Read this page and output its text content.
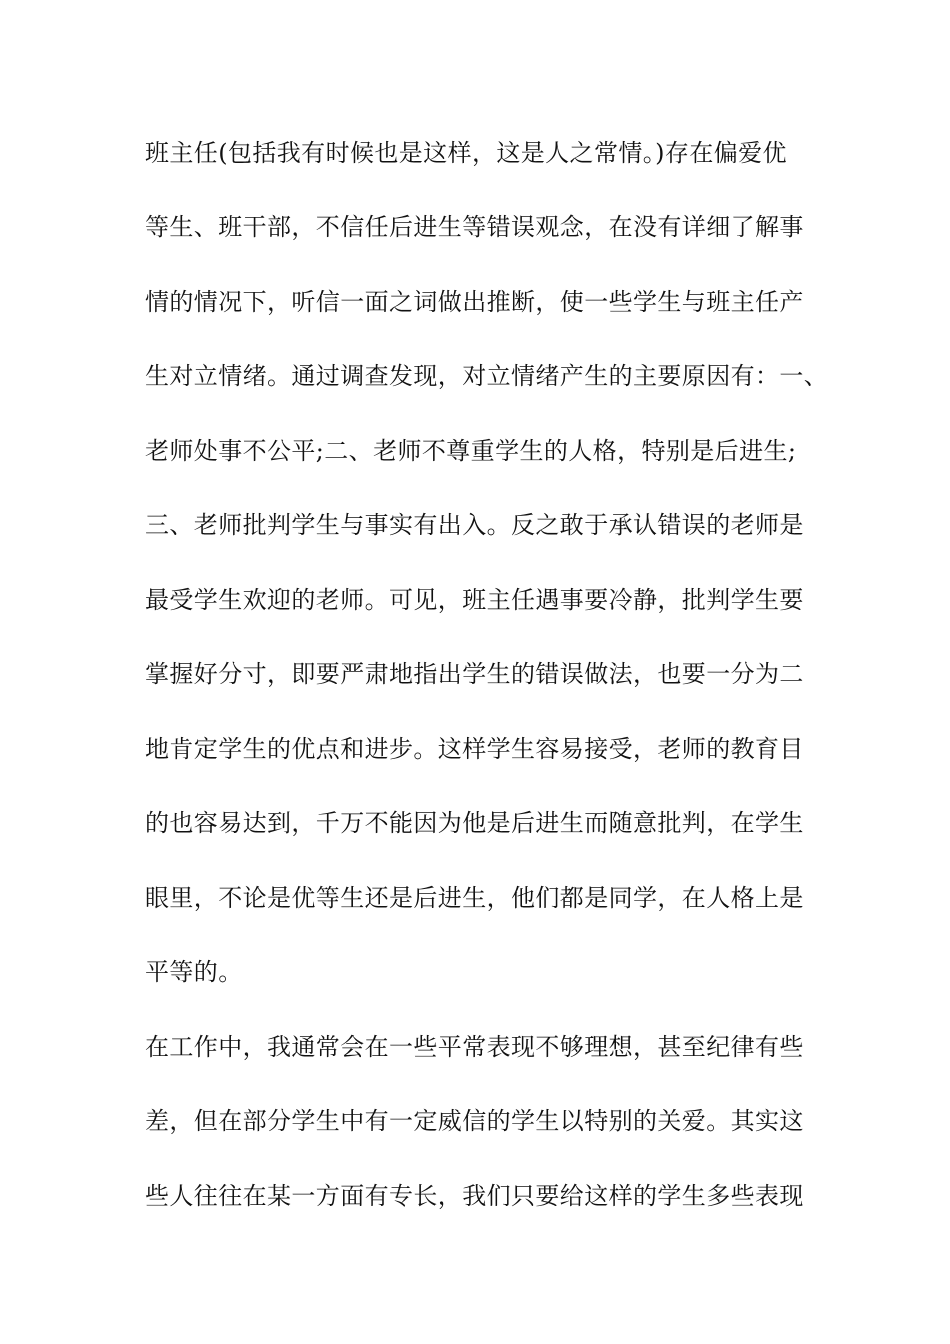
班主任(包括我有时候也是这样，这是人之常情。)存在偏爱优
等生、班干部，不信任后进生等错误观念，在没有详细了解事
情的情况下，听信一面之词做出推断，使一些学生与班主任产
生对立情绪。通过调查发现，对立情绪产生的主要原因有：一、
老师处事不公平;二、老师不尊重学生的人格，特别是后进生;
三、老师批判学生与事实有出入。反之敢于承认错误的老师是
最受学生欢迎的老师。可见，班主任遇事要冷静，批判学生要
掌握好分寸，即要严肃地指出学生的错误做法，也要一分为二
地肯定学生的优点和进步。这样学生容易接受，老师的教育目
的也容易达到，千万不能因为他是后进生而随意批判，在学生
眼里，不论是优等生还是后进生，他们都是同学，在人格上是
平等的。
在工作中，我通常会在一些平常表现不够理想，甚至纪律有些
差，但在部分学生中有一定威信的学生以特别的关爱。其实这
些人往往在某一方面有专长，我们只要给这样的学生多些表现
